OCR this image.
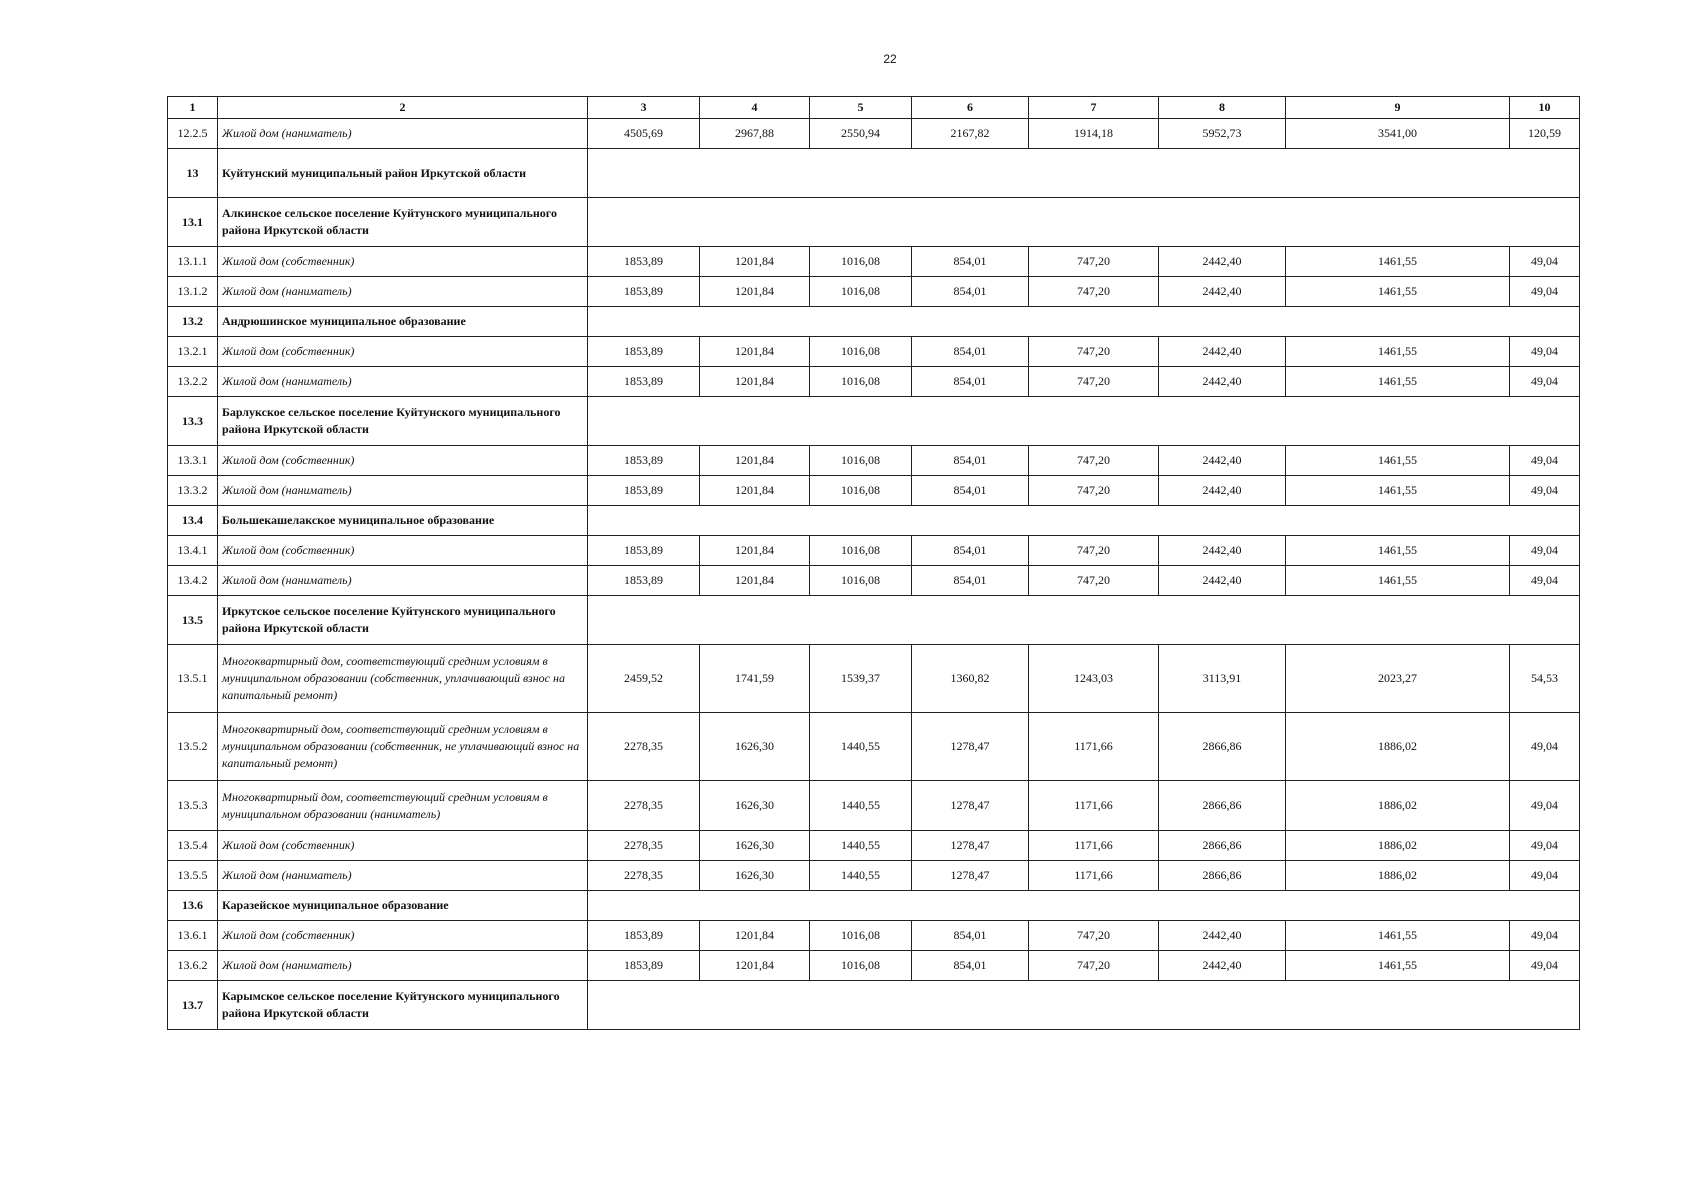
22
1	2	3	4	5	6	7	8	9	10
12.2.5	Жилой дом (наниматель)	4505,69	2967,88	2550,94	2167,82	1914,18	5952,73	3541,00	120,59
13	Куйтунский муниципальный район Иркутской области								
13.1	Алкинское сельское поселение Куйтунского муниципального района Иркутской области								
13.1.1	Жилой дом (собственник)	1853,89	1201,84	1016,08	854,01	747,20	2442,40	1461,55	49,04
13.1.2	Жилой дом (наниматель)	1853,89	1201,84	1016,08	854,01	747,20	2442,40	1461,55	49,04
13.2	Андрюшинское муниципальное образование								
13.2.1	Жилой дом (собственник)	1853,89	1201,84	1016,08	854,01	747,20	2442,40	1461,55	49,04
13.2.2	Жилой дом (наниматель)	1853,89	1201,84	1016,08	854,01	747,20	2442,40	1461,55	49,04
13.3	Барлукское сельское поселение Куйтунского муниципального района Иркутской области								
13.3.1	Жилой дом (собственник)	1853,89	1201,84	1016,08	854,01	747,20	2442,40	1461,55	49,04
13.3.2	Жилой дом (наниматель)	1853,89	1201,84	1016,08	854,01	747,20	2442,40	1461,55	49,04
13.4	Большекашелакское муниципальное образование								
13.4.1	Жилой дом (собственник)	1853,89	1201,84	1016,08	854,01	747,20	2442,40	1461,55	49,04
13.4.2	Жилой дом (наниматель)	1853,89	1201,84	1016,08	854,01	747,20	2442,40	1461,55	49,04
13.5	Иркутское сельское поселение Куйтунского муниципального района Иркутской области								
13.5.1	Многоквартирный дом, соответствующий средним условиям в муниципальном образовании (собственник, уплачивающий взнос на капитальный ремонт)	2459,52	1741,59	1539,37	1360,82	1243,03	3113,91	2023,27	54,53
13.5.2	Многоквартирный дом, соответствующий средним условиям в муниципальном образовании (собственник, не уплачивающий взнос на капитальный ремонт)	2278,35	1626,30	1440,55	1278,47	1171,66	2866,86	1886,02	49,04
13.5.3	Многоквартирный дом, соответствующий средним условиям в муниципальном образовании (наниматель)	2278,35	1626,30	1440,55	1278,47	1171,66	2866,86	1886,02	49,04
13.5.4	Жилой дом (собственник)	2278,35	1626,30	1440,55	1278,47	1171,66	2866,86	1886,02	49,04
13.5.5	Жилой дом (наниматель)	2278,35	1626,30	1440,55	1278,47	1171,66	2866,86	1886,02	49,04
13.6	Каразейское муниципальное образование								
13.6.1	Жилой дом (собственник)	1853,89	1201,84	1016,08	854,01	747,20	2442,40	1461,55	49,04
13.6.2	Жилой дом (наниматель)	1853,89	1201,84	1016,08	854,01	747,20	2442,40	1461,55	49,04
13.7	Карымское сельское поселение Куйтунского муниципального района Иркутской области								
